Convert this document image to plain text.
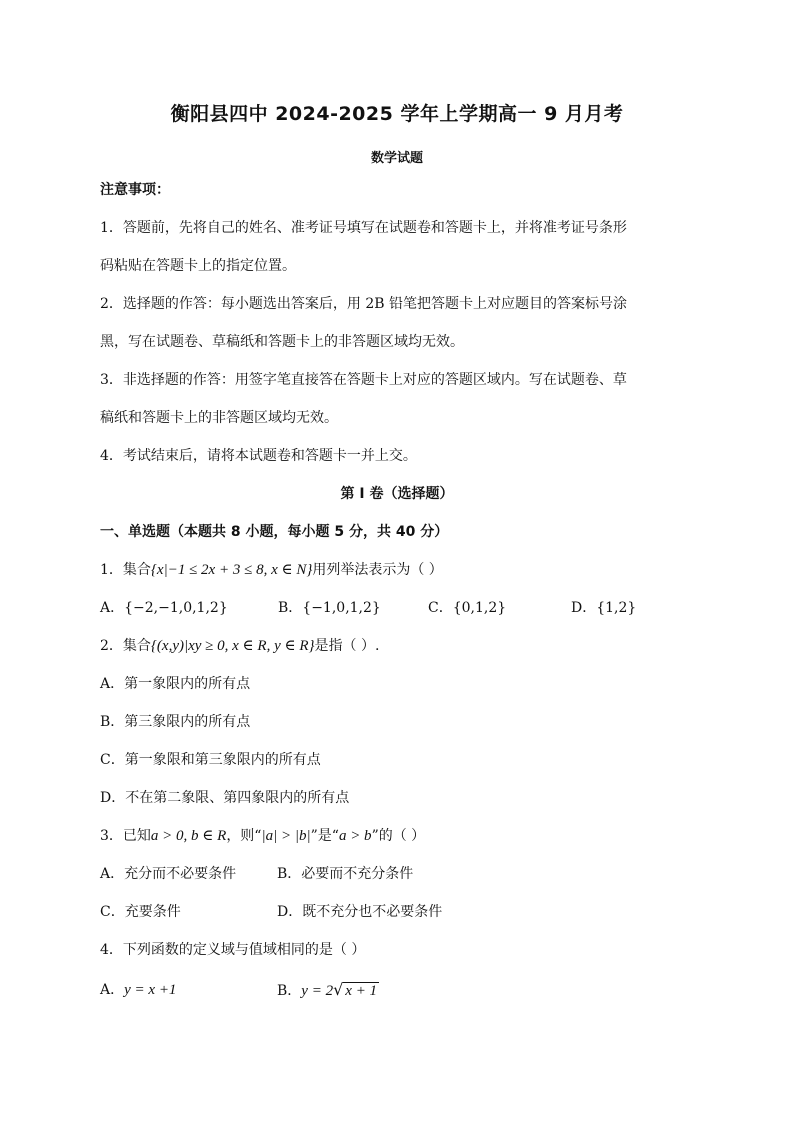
衡阳县四中 2024-2025 学年上学期高一 9 月月考
数学试题
注意事项：
1．答题前，先将自己的姓名、准考证号填写在试题卷和答题卡上，并将准考证号条形
码粘贴在答题卡上的指定位置。
2．选择题的作答：每小题选出答案后，用 2B 铅笔把答题卡上对应题目的答案标号涂
黑，写在试题卷、草稿纸和答题卡上的非答题区域均无效。
3．非选择题的作答：用签字笔直接答在答题卡上对应的答题区域内。写在试题卷、草
稿纸和答题卡上的非答题区域均无效。
4．考试结束后，请将本试题卷和答题卡一并上交。
第 I 卷（选择题）
一、单选题（本题共 8 小题，每小题 5 分，共 40 分）
1．集合{x|−1 ≤ 2x + 3 ≤ 8, x ∈ N}用列举法表示为（ ）
A．{−2,−1,0,1,2}	B．{−1,0,1,2}	C．{0,1,2}	D．{1,2}
2．集合{(x,y)|xy ≥ 0, x ∈ R, y ∈ R}是指（ ）.
A．第一象限内的所有点
B．第三象限内的所有点
C．第一象限和第三象限内的所有点
D．不在第二象限、第四象限内的所有点
3．已知a > 0, b ∈ R，则“|a| > |b|”是“a > b”的（ ）
A．充分而不必要条件	B．必要而不充分条件
C．充要条件	D．既不充分也不必要条件
4．下列函数的定义域与值域相同的是（ ）
A．y = x +1	B．y = 2√ x + 1
